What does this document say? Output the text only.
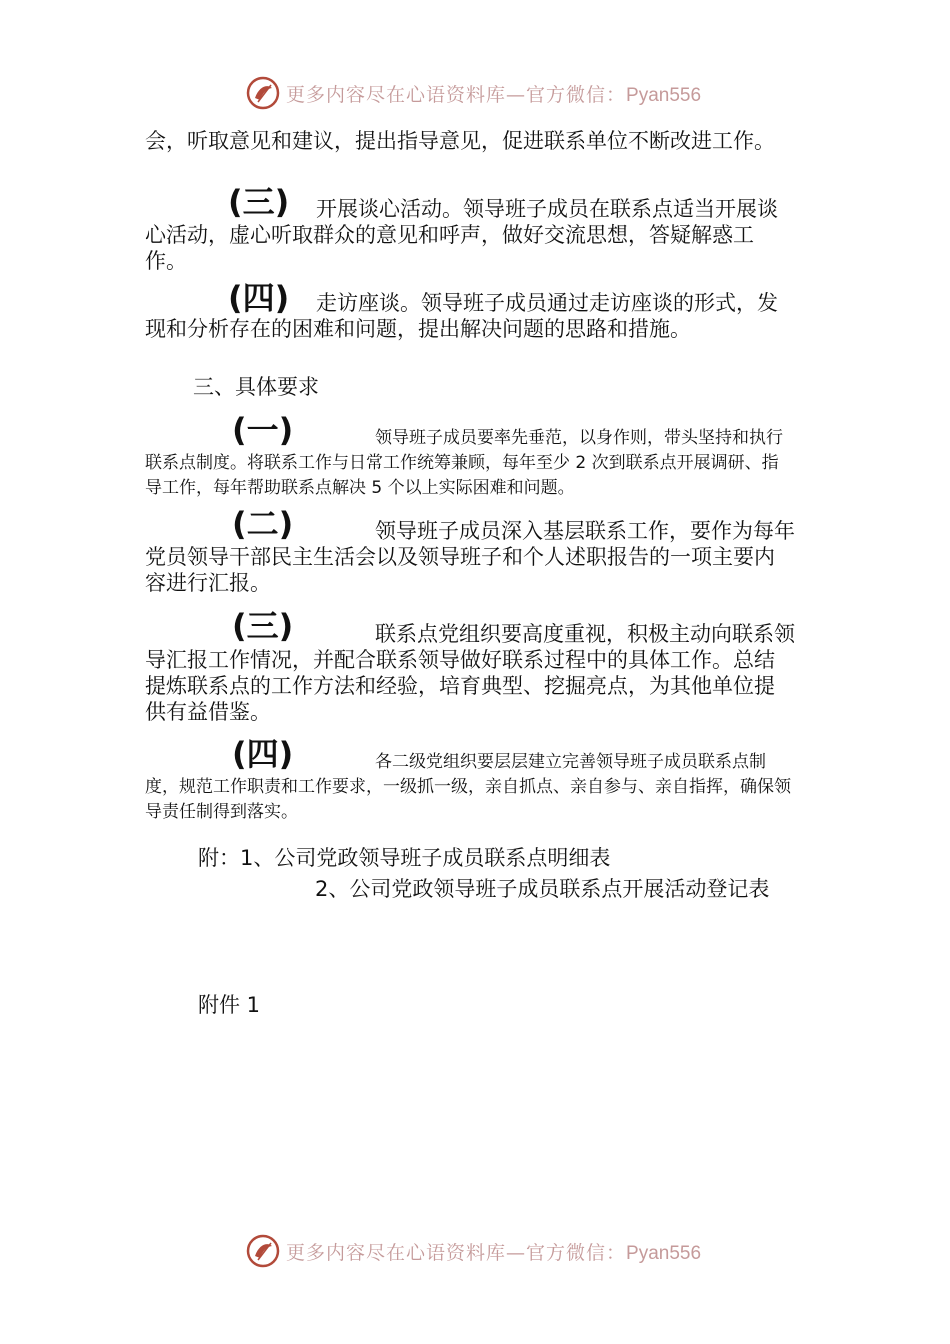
更多内容尽在心语资料库—官方微信：Pyan556

会，听取意见和建议，提出指导意见，促进联系单位不断改进工作。

(三)	开展谈心活动。领导班子成员在联系点适当开展谈心活动，虚心听取群众的意见和呼声，做好交流思想，答疑解惑工作。

(四)	走访座谈。领导班子成员通过走访座谈的形式，发现和分析存在的困难和问题，提出解决问题的思路和措施。

三、具体要求

(一)	领导班子成员要率先垂范，以身作则，带头坚持和执行联系点制度。将联系工作与日常工作统筹兼顾，每年至少 2 次到联系点开展调研、指导工作，每年帮助联系点解决 5 个以上实际困难和问题。

(二)	领导班子成员深入基层联系工作，要作为每年党员领导干部民主生活会以及领导班子和个人述职报告的一项主要内容进行汇报。

(三)	联系点党组织要高度重视，积极主动向联系领导汇报工作情况，并配合联系领导做好联系过程中的具体工作。总结提炼联系点的工作方法和经验，培育典型、挖掘亮点，为其他单位提供有益借鉴。

(四)	各二级党组织要层层建立完善领导班子成员联系点制度，规范工作职责和工作要求，一级抓一级，亲自抓点、亲自参与、亲自指挥，确保领导责任制得到落实。

附：1、公司党政领导班子成员联系点明细表
2、公司党政领导班子成员联系点开展活动登记表
附件 1
更多内容尽在心语资料库—官方微信：Pyan556
